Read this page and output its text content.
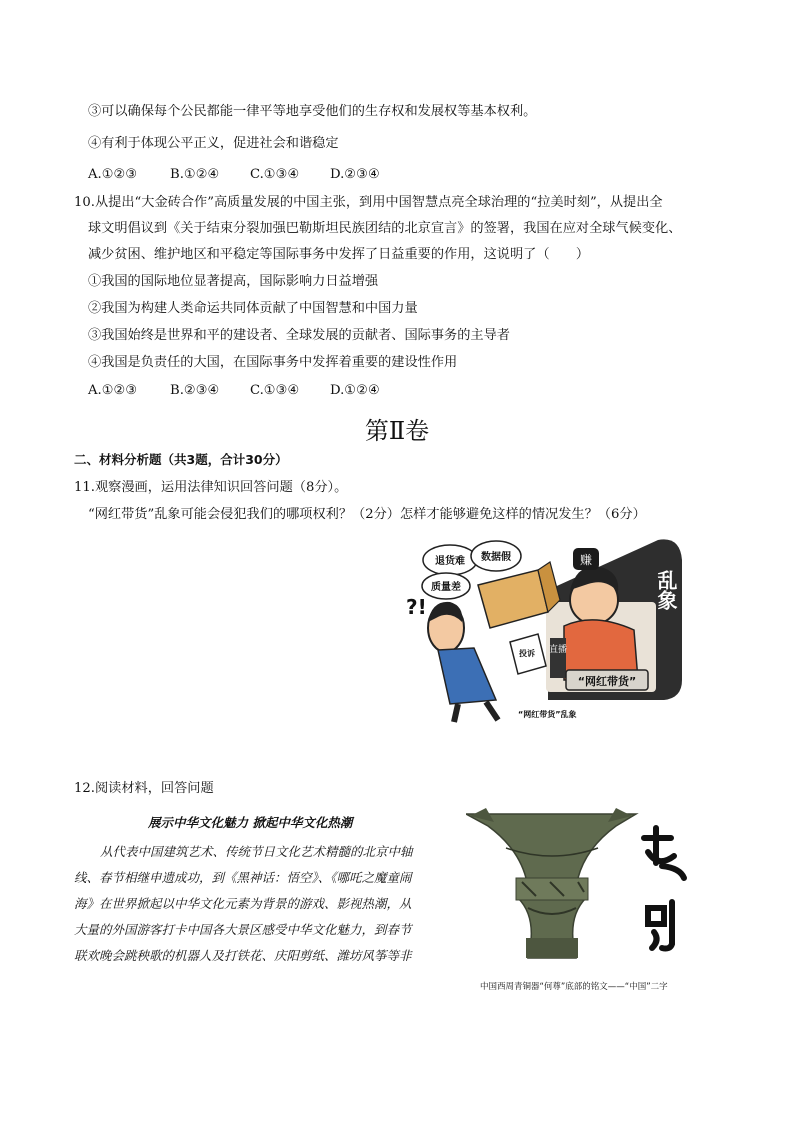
③可以确保每个公民都能一律平等地享受他们的生存权和发展权等基本权利。
④有利于体现公平正义，促进社会和谐稳定
A.①②③ B.①②④ C.①③④ D.②③④
10.从提出“大金砖合作”高质量发展的中国主张，到用中国智慧点亮全球治理的“拉美时刻”，从提出全
球文明倡议到《关于结束分裂加强巴勒斯坦民族团结的北京宣言》的签署，我国在应对全球气候变化、
减少贫困、维护地区和平稳定等国际事务中发挥了日益重要的作用，这说明了（　　）
①我国的国际地位显著提高，国际影响力日益增强
②我国为构建人类命运共同体贡献了中国智慧和中国力量
③我国始终是世界和平的建设者、全球发展的贡献者、国际事务的主导者
④我国是负责任的大国，在国际事务中发挥着重要的建设性作用
A.①②③ B.②③④ C.①③④ D.①②④
第Ⅱ卷
二、材料分析题（共3题，合计30分）
11.观察漫画，运用法律知识回答问题（8分）。
“网红带货”乱象可能会侵犯我们的哪项权利？（2分）怎样才能够避免这样的情况发生？（6分）
赚
直播
“网红带货”
乱象
退货难 数据假
质量差
?!
投诉
“网红带货”乱象
12.阅读材料，回答问题
展示中华文化魅力 掀起中华文化热潮
从代表中国建筑艺术、传统节日文化艺术精髓的北京中轴
线、春节相继申遗成功，到《黑神话：悟空》、《哪吒之魔童闹
海》在世界掀起以中华文化元素为背景的游戏、影视热潮，从
大量的外国游客打卡中国各大景区感受中华文化魅力，到春节
联欢晚会跳秧歌的机器人及打铁花、庆阳剪纸、潍坊风筝等非
中国西周青铜器“何尊”底部的铭文——“中国”二字
